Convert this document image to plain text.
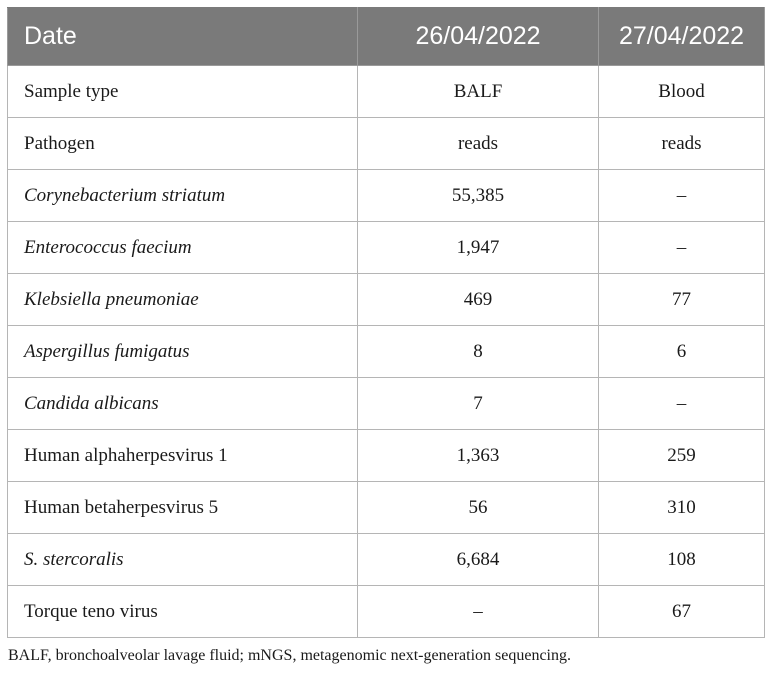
Date	26/04/2022	27/04/2022
Sample type	BALF	Blood
Pathogen	reads	reads
Corynebacterium striatum	55,385	–
Enterococcus faecium	1,947	–
Klebsiella pneumoniae	469	77
Aspergillus fumigatus	8	6
Candida albicans	7	–
Human alphaherpesvirus 1	1,363	259
Human betaherpesvirus 5	56	310
S. stercoralis	6,684	108
Torque teno virus	–	67
BALF, bronchoalveolar lavage fluid; mNGS, metagenomic next-generation sequencing.
